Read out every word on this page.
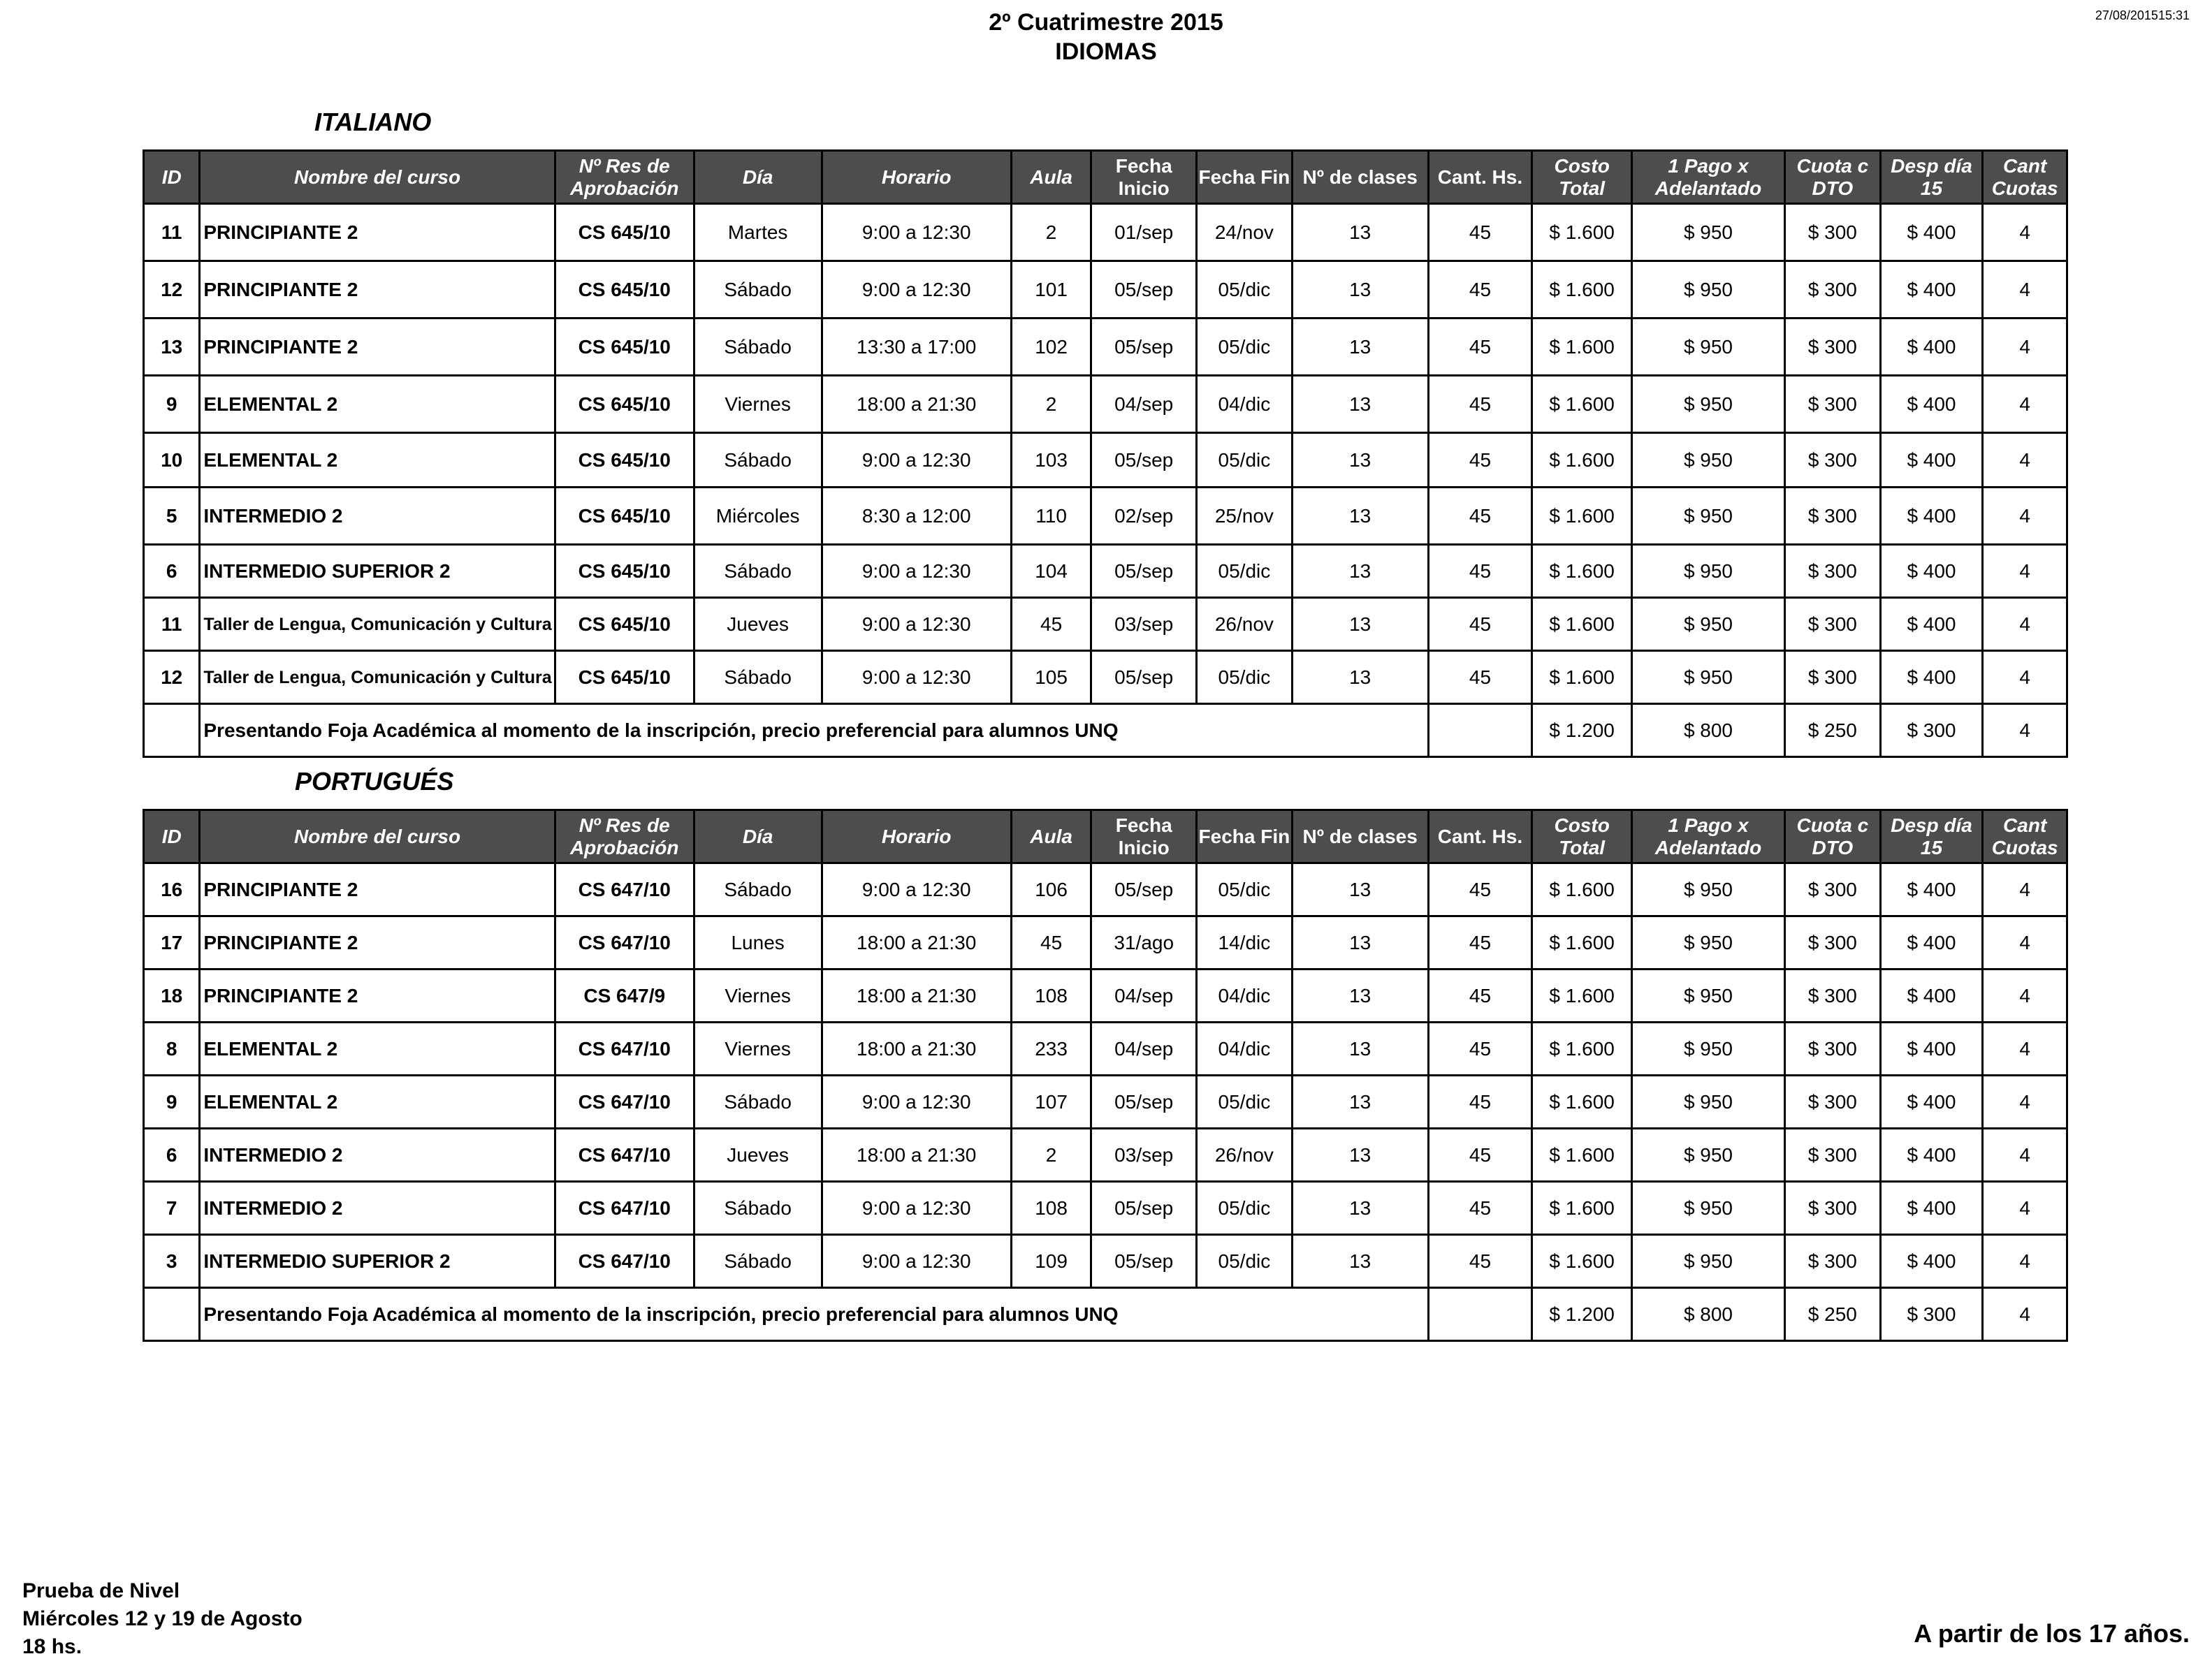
2º Cuatrimestre 2015
IDIOMAS
27/08/201515:31
ITALIANO
ID	Nombre del curso	Nº Res de Aprobación	Día	Horario	Aula	Fecha Inicio	Fecha Fin	Nº de clases	Cant. Hs.	Costo Total	1 Pago x Adelantado	Cuota c DTO	Desp día 15	Cant Cuotas
11	PRINCIPIANTE 2	CS 645/10	Martes	9:00 a 12:30	2	01/sep	24/nov	13	45	$ 1.600	$ 950	$ 300	$ 400	4
12	PRINCIPIANTE 2	CS 645/10	Sábado	9:00 a 12:30	101	05/sep	05/dic	13	45	$ 1.600	$ 950	$ 300	$ 400	4
13	PRINCIPIANTE 2	CS 645/10	Sábado	13:30 a 17:00	102	05/sep	05/dic	13	45	$ 1.600	$ 950	$ 300	$ 400	4
9	ELEMENTAL 2	CS 645/10	Viernes	18:00 a 21:30	2	04/sep	04/dic	13	45	$ 1.600	$ 950	$ 300	$ 400	4
10	ELEMENTAL 2	CS 645/10	Sábado	9:00 a 12:30	103	05/sep	05/dic	13	45	$ 1.600	$ 950	$ 300	$ 400	4
5	INTERMEDIO 2	CS 645/10	Miércoles	8:30 a 12:00	110	02/sep	25/nov	13	45	$ 1.600	$ 950	$ 300	$ 400	4
6	INTERMEDIO SUPERIOR 2	CS 645/10	Sábado	9:00 a 12:30	104	05/sep	05/dic	13	45	$ 1.600	$ 950	$ 300	$ 400	4
11	Taller de Lengua, Comunicación y Cultura	CS 645/10	Jueves	9:00 a 12:30	45	03/sep	26/nov	13	45	$ 1.600	$ 950	$ 300	$ 400	4
12	Taller de Lengua, Comunicación y Cultura	CS 645/10	Sábado	9:00 a 12:30	105	05/sep	05/dic	13	45	$ 1.600	$ 950	$ 300	$ 400	4
	Presentando Foja Académica al momento de la inscripción, precio preferencial para alumnos UNQ									$ 1.200	$ 800	$ 250	$ 300	4
PORTUGUÉS
ID	Nombre del curso	Nº Res de Aprobación	Día	Horario	Aula	Fecha Inicio	Fecha Fin	Nº de clases	Cant. Hs.	Costo Total	1 Pago x Adelantado	Cuota c DTO	Desp día 15	Cant Cuotas
16	PRINCIPIANTE 2	CS 647/10	Sábado	9:00 a 12:30	106	05/sep	05/dic	13	45	$ 1.600	$ 950	$ 300	$ 400	4
17	PRINCIPIANTE 2	CS 647/10	Lunes	18:00 a 21:30	45	31/ago	14/dic	13	45	$ 1.600	$ 950	$ 300	$ 400	4
18	PRINCIPIANTE 2	CS 647/9	Viernes	18:00 a 21:30	108	04/sep	04/dic	13	45	$ 1.600	$ 950	$ 300	$ 400	4
8	ELEMENTAL 2	CS 647/10	Viernes	18:00 a 21:30	233	04/sep	04/dic	13	45	$ 1.600	$ 950	$ 300	$ 400	4
9	ELEMENTAL 2	CS 647/10	Sábado	9:00 a 12:30	107	05/sep	05/dic	13	45	$ 1.600	$ 950	$ 300	$ 400	4
6	INTERMEDIO 2	CS 647/10	Jueves	18:00 a 21:30	2	03/sep	26/nov	13	45	$ 1.600	$ 950	$ 300	$ 400	4
7	INTERMEDIO 2	CS 647/10	Sábado	9:00 a 12:30	108	05/sep	05/dic	13	45	$ 1.600	$ 950	$ 300	$ 400	4
3	INTERMEDIO SUPERIOR 2	CS 647/10	Sábado	9:00 a 12:30	109	05/sep	05/dic	13	45	$ 1.600	$ 950	$ 300	$ 400	4
	Presentando Foja Académica al momento de la inscripción, precio preferencial para alumnos UNQ									$ 1.200	$ 800	$ 250	$ 300	4
Prueba de Nivel
Miércoles 12 y 19 de Agosto
18 hs.	A partir de los 17 años.
